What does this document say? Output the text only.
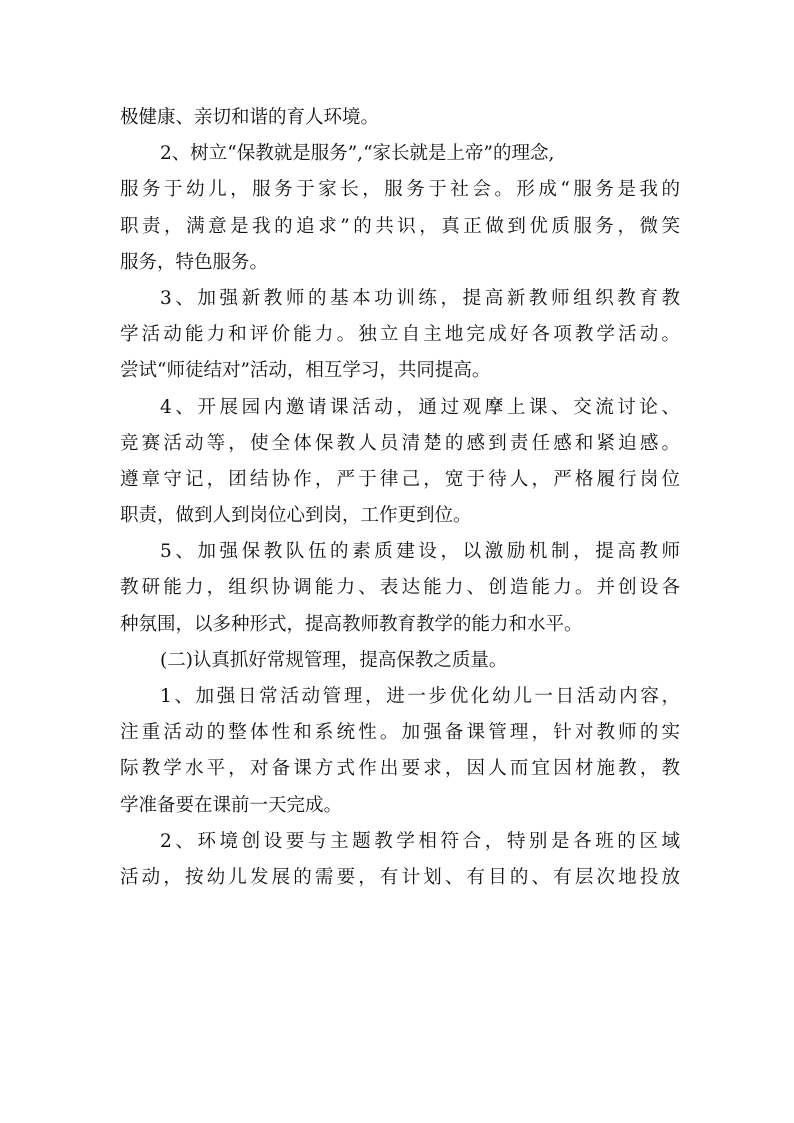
极健康、亲切和谐的育人环境。
2、树立“保教就是服务”,“家长就是上帝”的理念,
服务于幼儿，服务于家长，服务于社会。形成“服务是我的
职责，满意是我的追求”的共识，真正做到优质服务，微笑
服务，特色服务。
3、加强新教师的基本功训练，提高新教师组织教育教
学活动能力和评价能力。独立自主地完成好各项教学活动。
尝试“师徒结对”活动，相互学习，共同提高。
4、开展园内邀请课活动，通过观摩上课、交流讨论、
竞赛活动等，使全体保教人员清楚的感到责任感和紧迫感。
遵章守记，团结协作，严于律己，宽于待人，严格履行岗位
职责，做到人到岗位心到岗，工作更到位。
5、加强保教队伍的素质建设，以激励机制，提高教师
教研能力，组织协调能力、表达能力、创造能力。并创设各
种氛围，以多种形式，提高教师教育教学的能力和水平。
(二)认真抓好常规管理，提高保教之质量。
1、加强日常活动管理，进一步优化幼儿一日活动内容，
注重活动的整体性和系统性。加强备课管理，针对教师的实
际教学水平，对备课方式作出要求，因人而宜因材施教，教
学准备要在课前一天完成。
2、环境创设要与主题教学相符合，特别是各班的区域
活动，按幼儿发展的需要，有计划、有目的、有层次地投放
